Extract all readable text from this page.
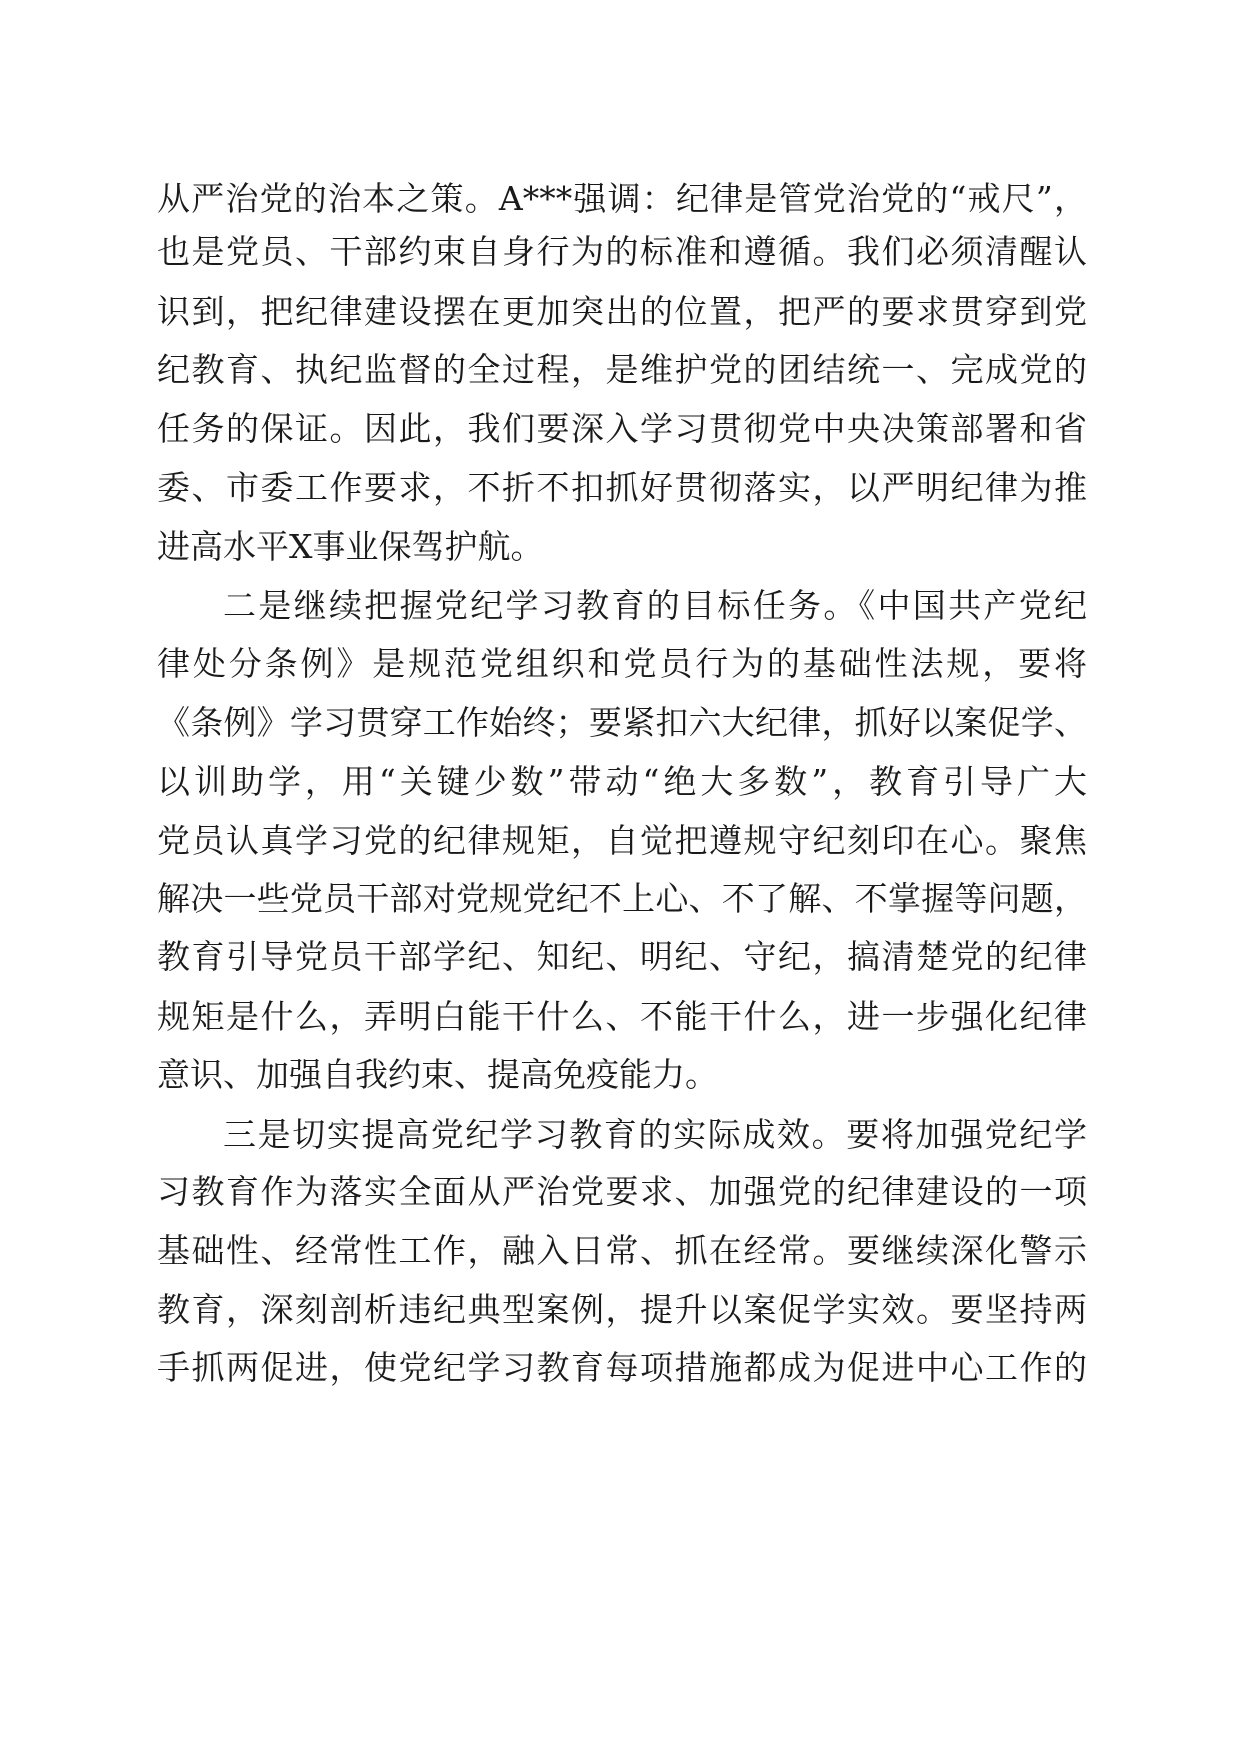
从严治党的治本之策。A***强调：纪律是管党治党的“戒尺”，

也是党员、干部约束自身行为的标准和遵循。我们必须清醒认

识到，把纪律建设摆在更加突出的位置，把严的要求贯穿到党

纪教育、执纪监督的全过程，是维护党的团结统一、完成党的

任务的保证。因此，我们要深入学习贯彻党中央决策部署和省

委、市委工作要求，不折不扣抓好贯彻落实，以严明纪律为推

进高水平X事业保驾护航。

二是继续把握党纪学习教育的目标任务。《中国共产党纪

律处分条例》是规范党组织和党员行为的基础性法规，要将

《条例》学习贯穿工作始终；要紧扣六大纪律，抓好以案促学、

以训助学，用“关键少数”带动“绝大多数”，教育引导广大

党员认真学习党的纪律规矩，自觉把遵规守纪刻印在心。聚焦

解决一些党员干部对党规党纪不上心、不了解、不掌握等问题，

教育引导党员干部学纪、知纪、明纪、守纪，搞清楚党的纪律

规矩是什么，弄明白能干什么、不能干什么，进一步强化纪律

意识、加强自我约束、提高免疫能力。

三是切实提高党纪学习教育的实际成效。要将加强党纪学

习教育作为落实全面从严治党要求、加强党的纪律建设的一项

基础性、经常性工作，融入日常、抓在经常。要继续深化警示

教育，深刻剖析违纪典型案例，提升以案促学实效。要坚持两

手抓两促进，使党纪学习教育每项措施都成为促进中心工作的
